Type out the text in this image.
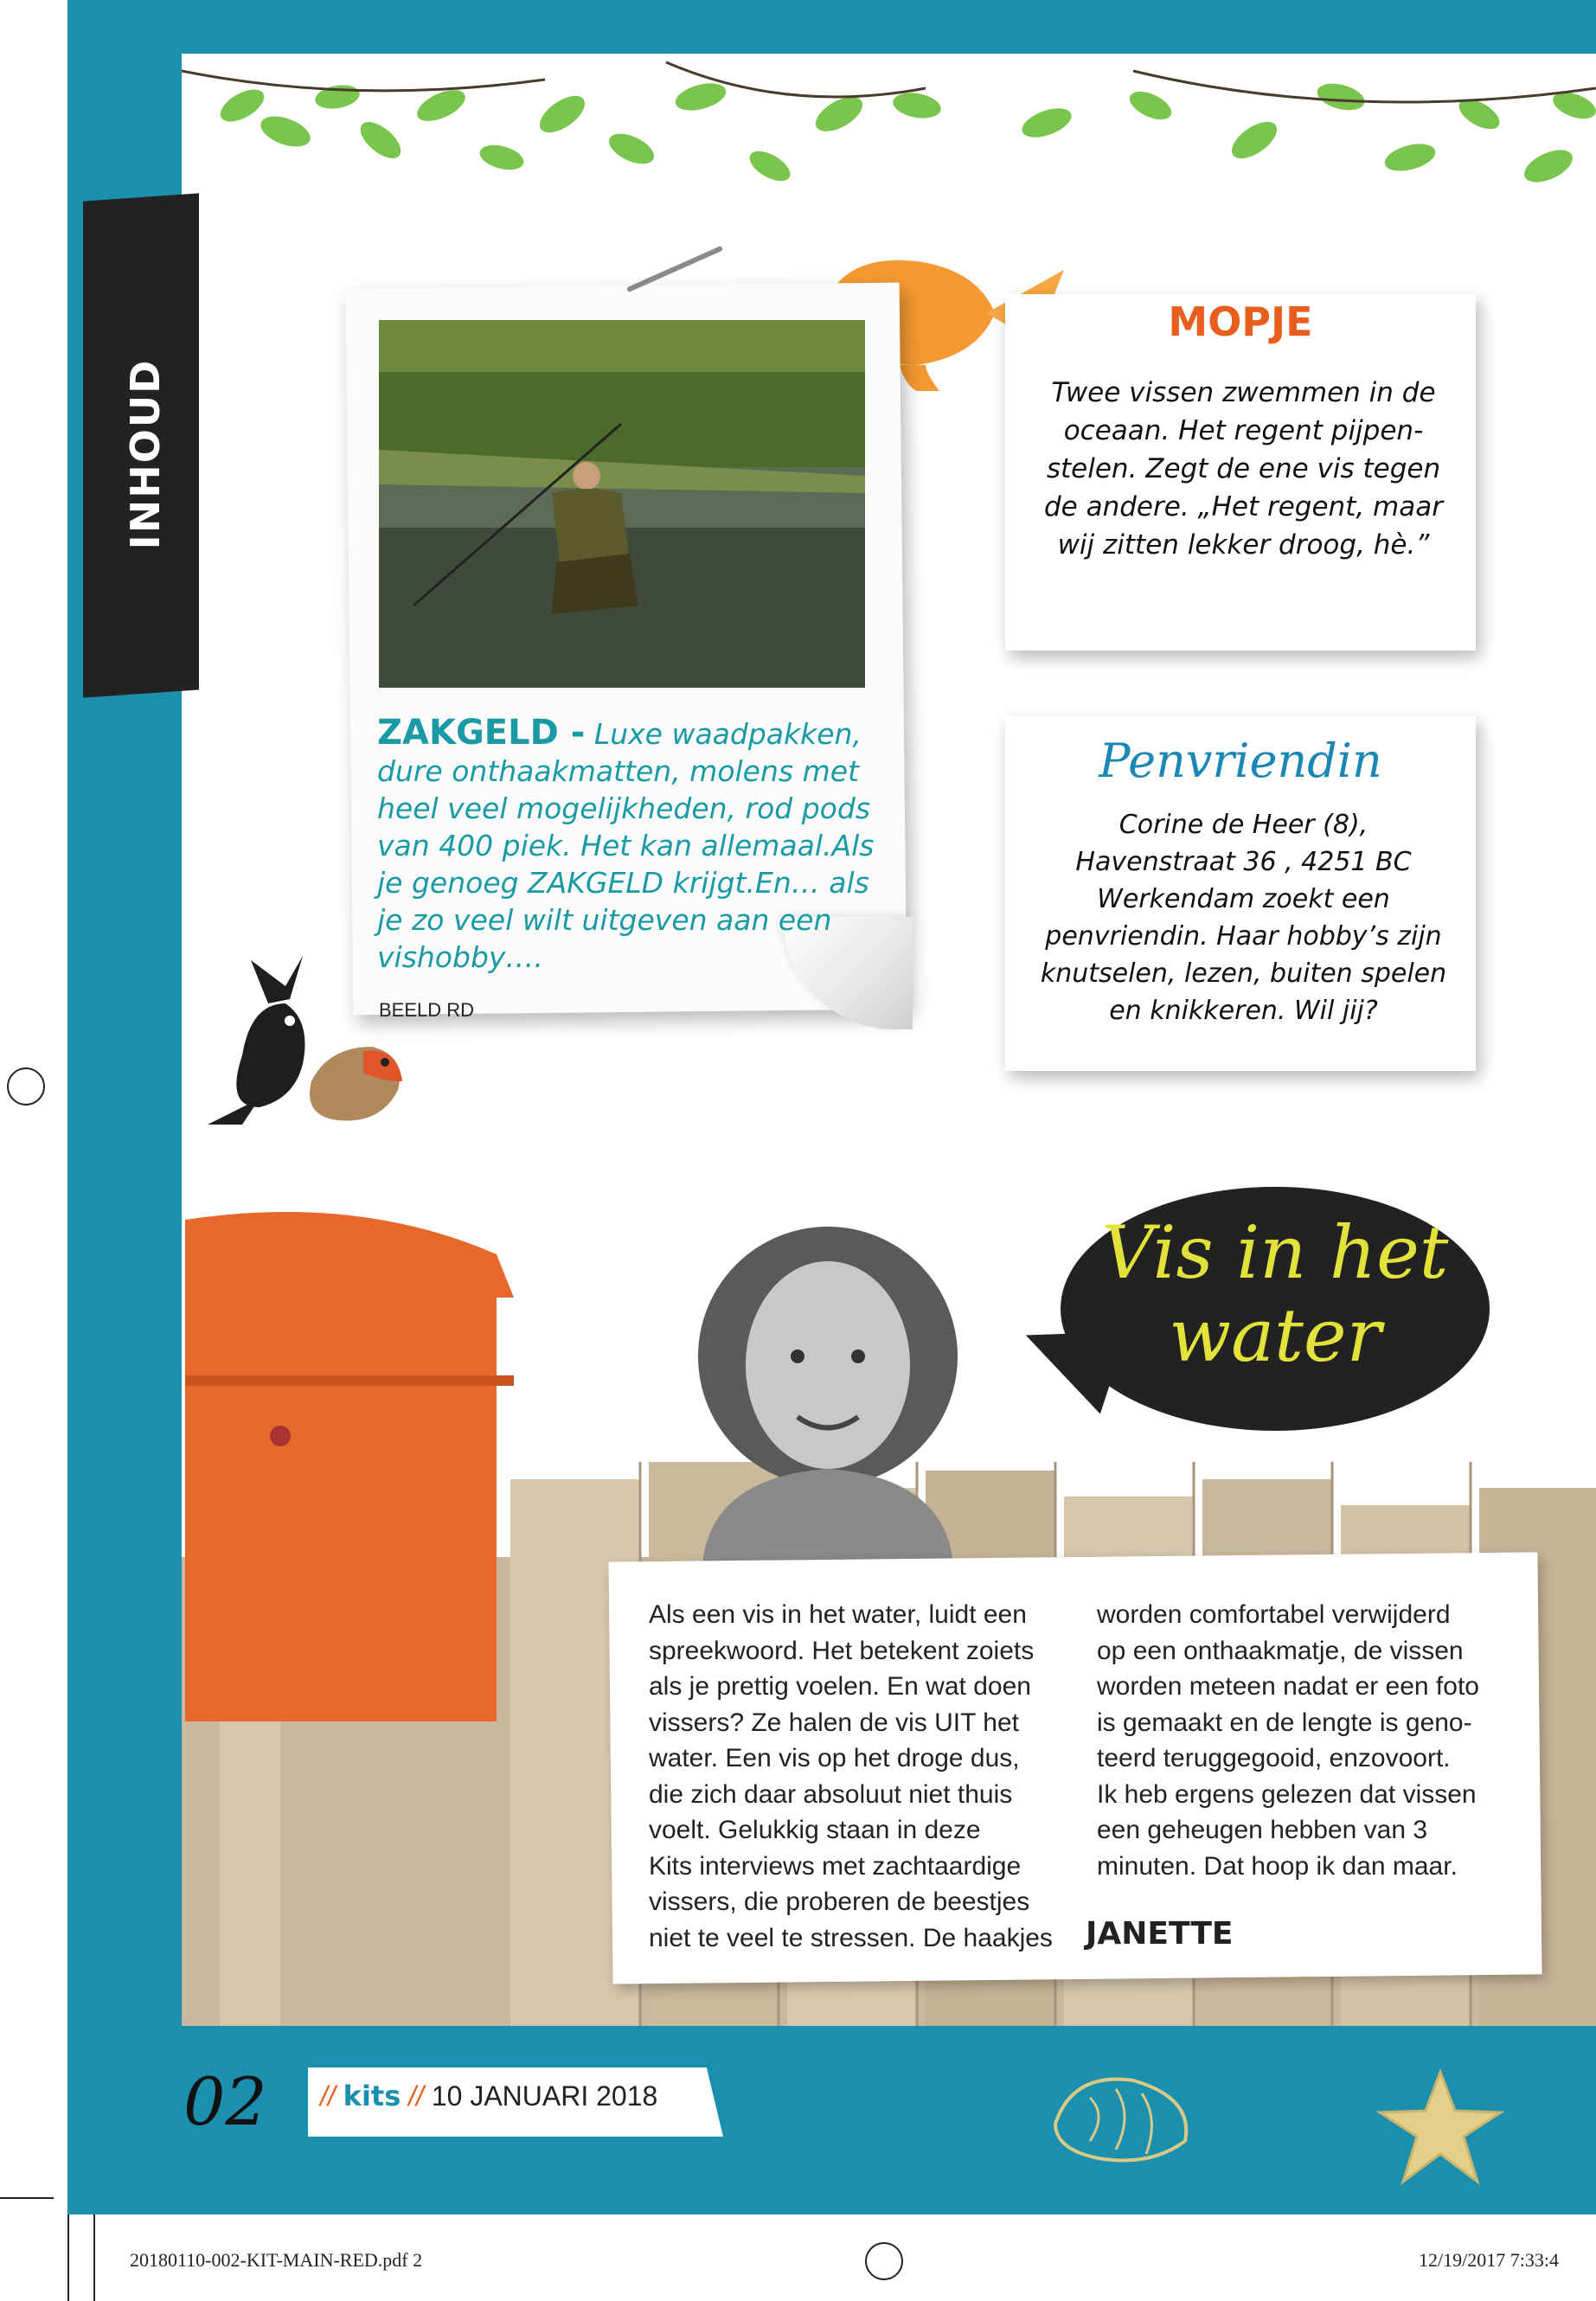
20180110-002-KIT-MAIN-RED.pdf 2	12/19/2017 7:33:4
INHOUD
ZAKGELD - Luxe waadpakken, dure onthaakmatten, molens met heel veel mogelijkheden, rod pods van 400 piek. Het kan allemaal.Als je genoeg ZAKGELD krijgt.En… als je zo veel wilt uitgeven aan een vishobby….
BEELD RD
MOPJE
Twee vissen zwemmen in de oceaan. Het regent pijpen-stelen. Zegt de ene vis tegen de andere. „Het regent, maar wij zitten lekker droog, hè.”
Penvriendin
Corine de Heer (8), Havenstraat 36 , 4251 BC Werkendam zoekt een penvriendin. Haar hobby’s zijn knutselen, lezen, buiten spelen en knikkeren. Wil jij?
Vis in het
water
Als een vis in het water, luidt een
spreekwoord. Het betekent zoiets
als je prettig voelen. En wat doen
vissers? Ze halen de vis UIT het
water. Een vis op het droge dus,
die zich daar absoluut niet thuis
voelt. Gelukkig staan in deze
Kits interviews met zachtaardige
vissers, die proberen de beestjes
niet te veel te stressen. De haakjes
worden comfortabel verwijderd
op een onthaakmatje, de vissen
worden meteen nadat er een foto
is gemaakt en de lengte is geno-
teerd teruggegooid, enzovoort.
Ik heb ergens gelezen dat vissen
een geheugen hebben van 3
minuten. Dat hoop ik dan maar.
JANETTE
02 // kits // 10 JANUARI 2018
